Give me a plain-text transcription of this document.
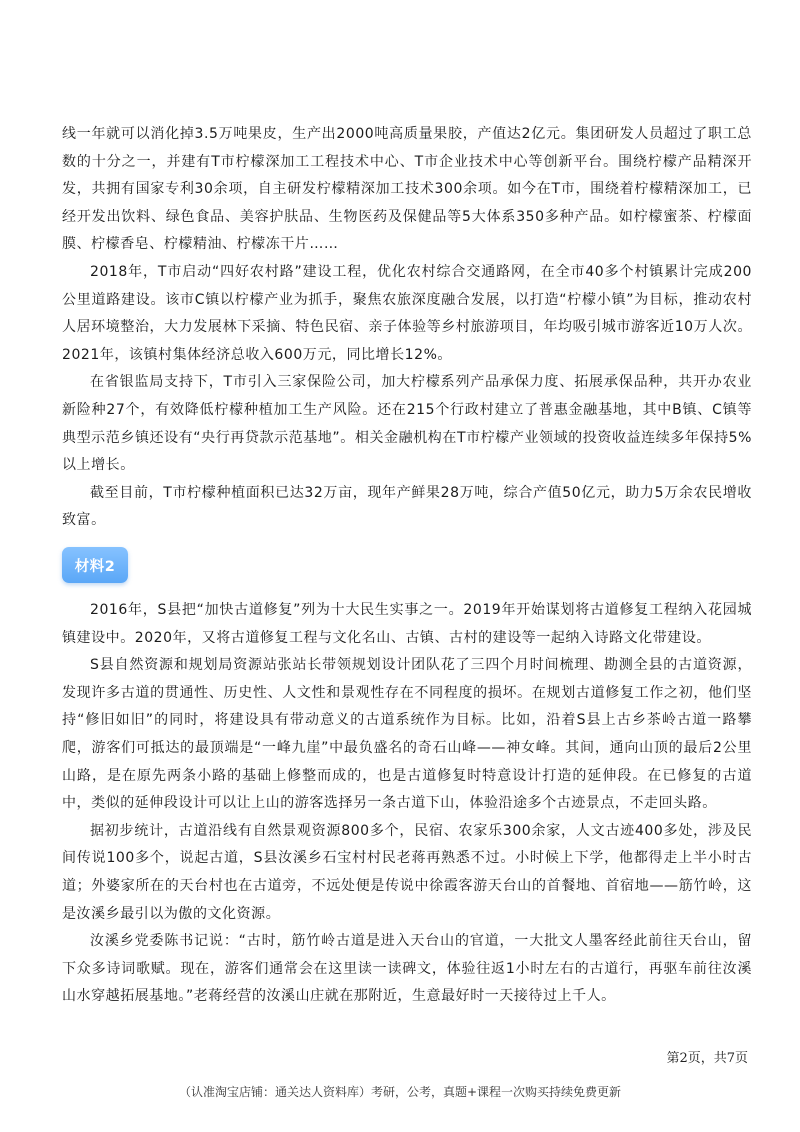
线一年就可以消化掉3.5万吨果皮，生产出2000吨高质量果胶，产值达2亿元。集团研发人员超过了职工总数的十分之一，并建有T市柠檬深加工工程技术中心、T市企业技术中心等创新平台。围绕柠檬产品精深开发，共拥有国家专利30余项，自主研发柠檬精深加工技术300余项。如今在T市，围绕着柠檬精深加工，已经开发出饮料、绿色食品、美容护肤品、生物医药及保健品等5大体系350多种产品。如柠檬蜜茶、柠檬面膜、柠檬香皂、柠檬精油、柠檬冻干片……

2018年，T市启动“四好农村路”建设工程，优化农村综合交通路网，在全市40多个村镇累计完成200公里道路建设。该市C镇以柠檬产业为抓手，聚焦农旅深度融合发展，以打造“柠檬小镇”为目标，推动农村人居环境整治，大力发展林下采摘、特色民宿、亲子体验等乡村旅游项目，年均吸引城市游客近10万人次。2021年，该镇村集体经济总收入600万元，同比增长12%。

在省银监局支持下，T市引入三家保险公司，加大柠檬系列产品承保力度、拓展承保品种，共开办农业新险种27个，有效降低柠檬种植加工生产风险。还在215个行政村建立了普惠金融基地，其中B镇、C镇等典型示范乡镇还设有“央行再贷款示范基地”。相关金融机构在T市柠檬产业领域的投资收益连续多年保持5%以上增长。

截至目前，T市柠檬种植面积已达32万亩，现年产鲜果28万吨，综合产值50亿元，助力5万余农民增收致富。

材料2

2016年，S县把“加快古道修复”列为十大民生实事之一。2019年开始谋划将古道修复工程纳入花园城镇建设中。2020年，又将古道修复工程与文化名山、古镇、古村的建设等一起纳入诗路文化带建设。

S县自然资源和规划局资源站张站长带领规划设计团队花了三四个月时间梳理、勘测全县的古道资源，发现许多古道的贯通性、历史性、人文性和景观性存在不同程度的损坏。在规划古道修复工作之初，他们坚持“修旧如旧”的同时，将建设具有带动意义的古道系统作为目标。比如，沿着S县上古乡茶岭古道一路攀爬，游客们可抵达的最顶端是“一峰九崖”中最负盛名的奇石山峰——神女峰。其间，通向山顶的最后2公里山路，是在原先两条小路的基础上修整而成的，也是古道修复时特意设计打造的延伸段。在已修复的古道中，类似的延伸段设计可以让上山的游客选择另一条古道下山，体验沿途多个古迹景点，不走回头路。

据初步统计，古道沿线有自然景观资源800多个，民宿、农家乐300余家，人文古迹400多处，涉及民间传说100多个，说起古道，S县汝溪乡石宝村村民老蒋再熟悉不过。小时候上下学，他都得走上半小时古道；外婆家所在的天台村也在古道旁，不远处便是传说中徐霞客游天台山的首餐地、首宿地——筋竹岭，这是汝溪乡最引以为傲的文化资源。

汝溪乡党委陈书记说：“古时，筋竹岭古道是进入天台山的官道，一大批文人墨客经此前往天台山，留下众多诗词歌赋。现在，游客们通常会在这里读一读碑文，体验往返1小时左右的古道行，再驱车前往汝溪山水穿越拓展基地。”老蒋经营的汝溪山庄就在那附近，生意最好时一天接待过上千人。

第2页，共7页
（认准淘宝店铺：通关达人资料库）考研，公考，真题+课程一次购买持续免费更新
